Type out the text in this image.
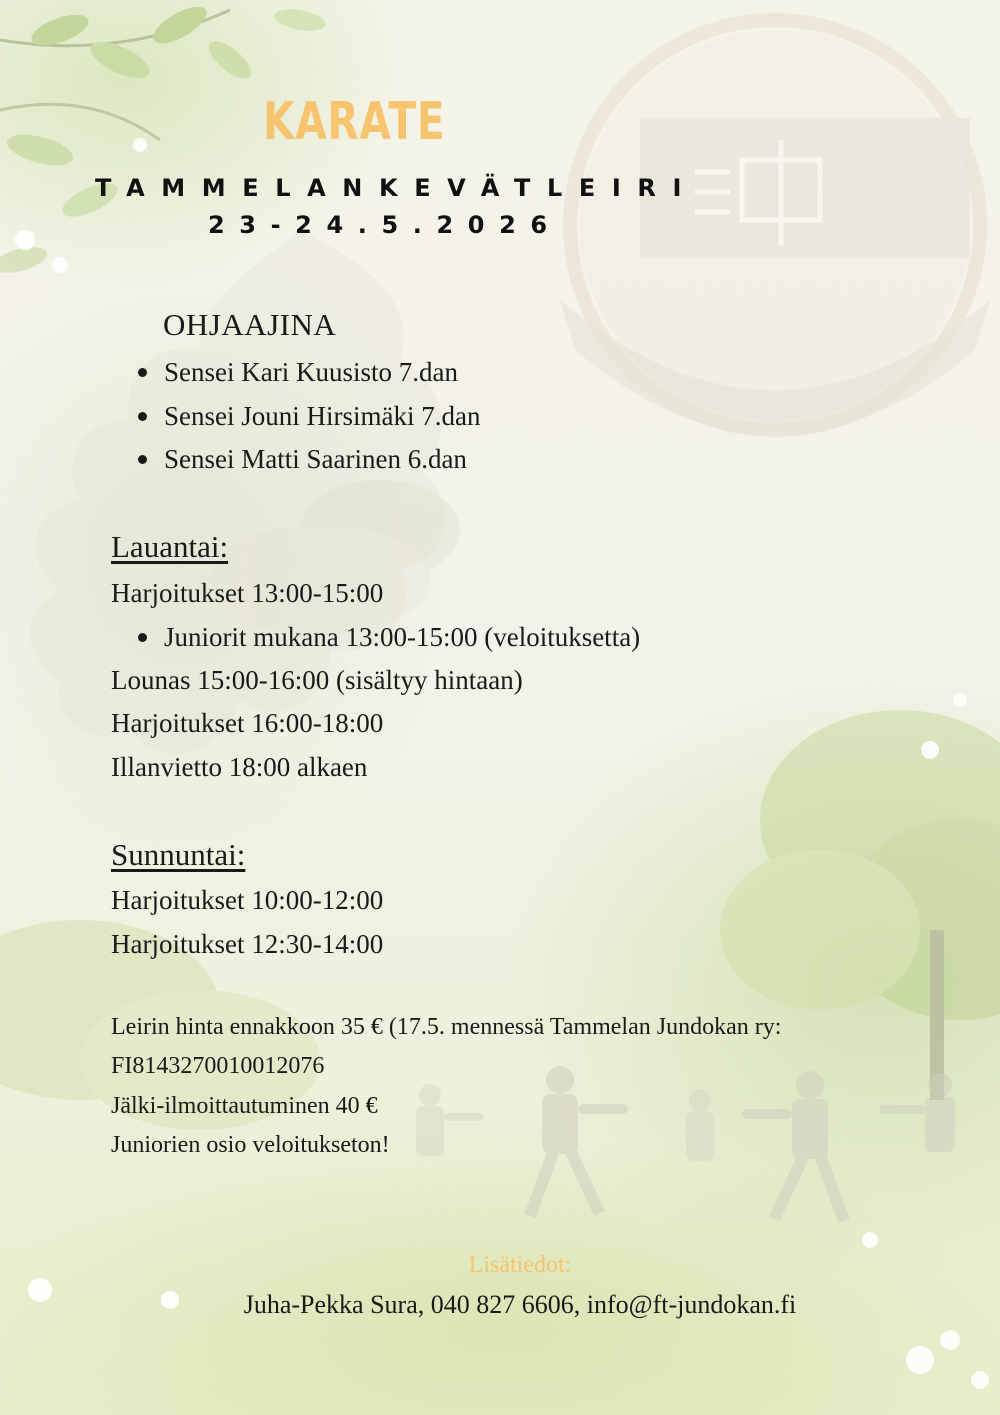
KARATE
TAMMELANKEVÄTLEIRI
23-24.5.2026
OHJAAJINA
Sensei Kari Kuusisto 7.dan
Sensei Jouni Hirsimäki 7.dan
Sensei Matti Saarinen 6.dan
Lauantai:
Harjoitukset 13:00-15:00
Juniorit mukana 13:00-15:00 (veloituksetta)
Lounas 15:00-16:00 (sisältyy hintaan)
Harjoitukset 16:00-18:00
Illanvietto 18:00 alkaen
Sunnuntai:
Harjoitukset 10:00-12:00
Harjoitukset 12:30-14:00
Leirin hinta ennakkoon 35 € (17.5. mennessä Tammelan Jundokan ry:
FI8143270010012076
Jälki-ilmoittautuminen 40 €
Juniorien osio veloitukseton!
Lisätiedot:
Juha-Pekka Sura, 040 827 6606, info@ft-jundokan.fi
